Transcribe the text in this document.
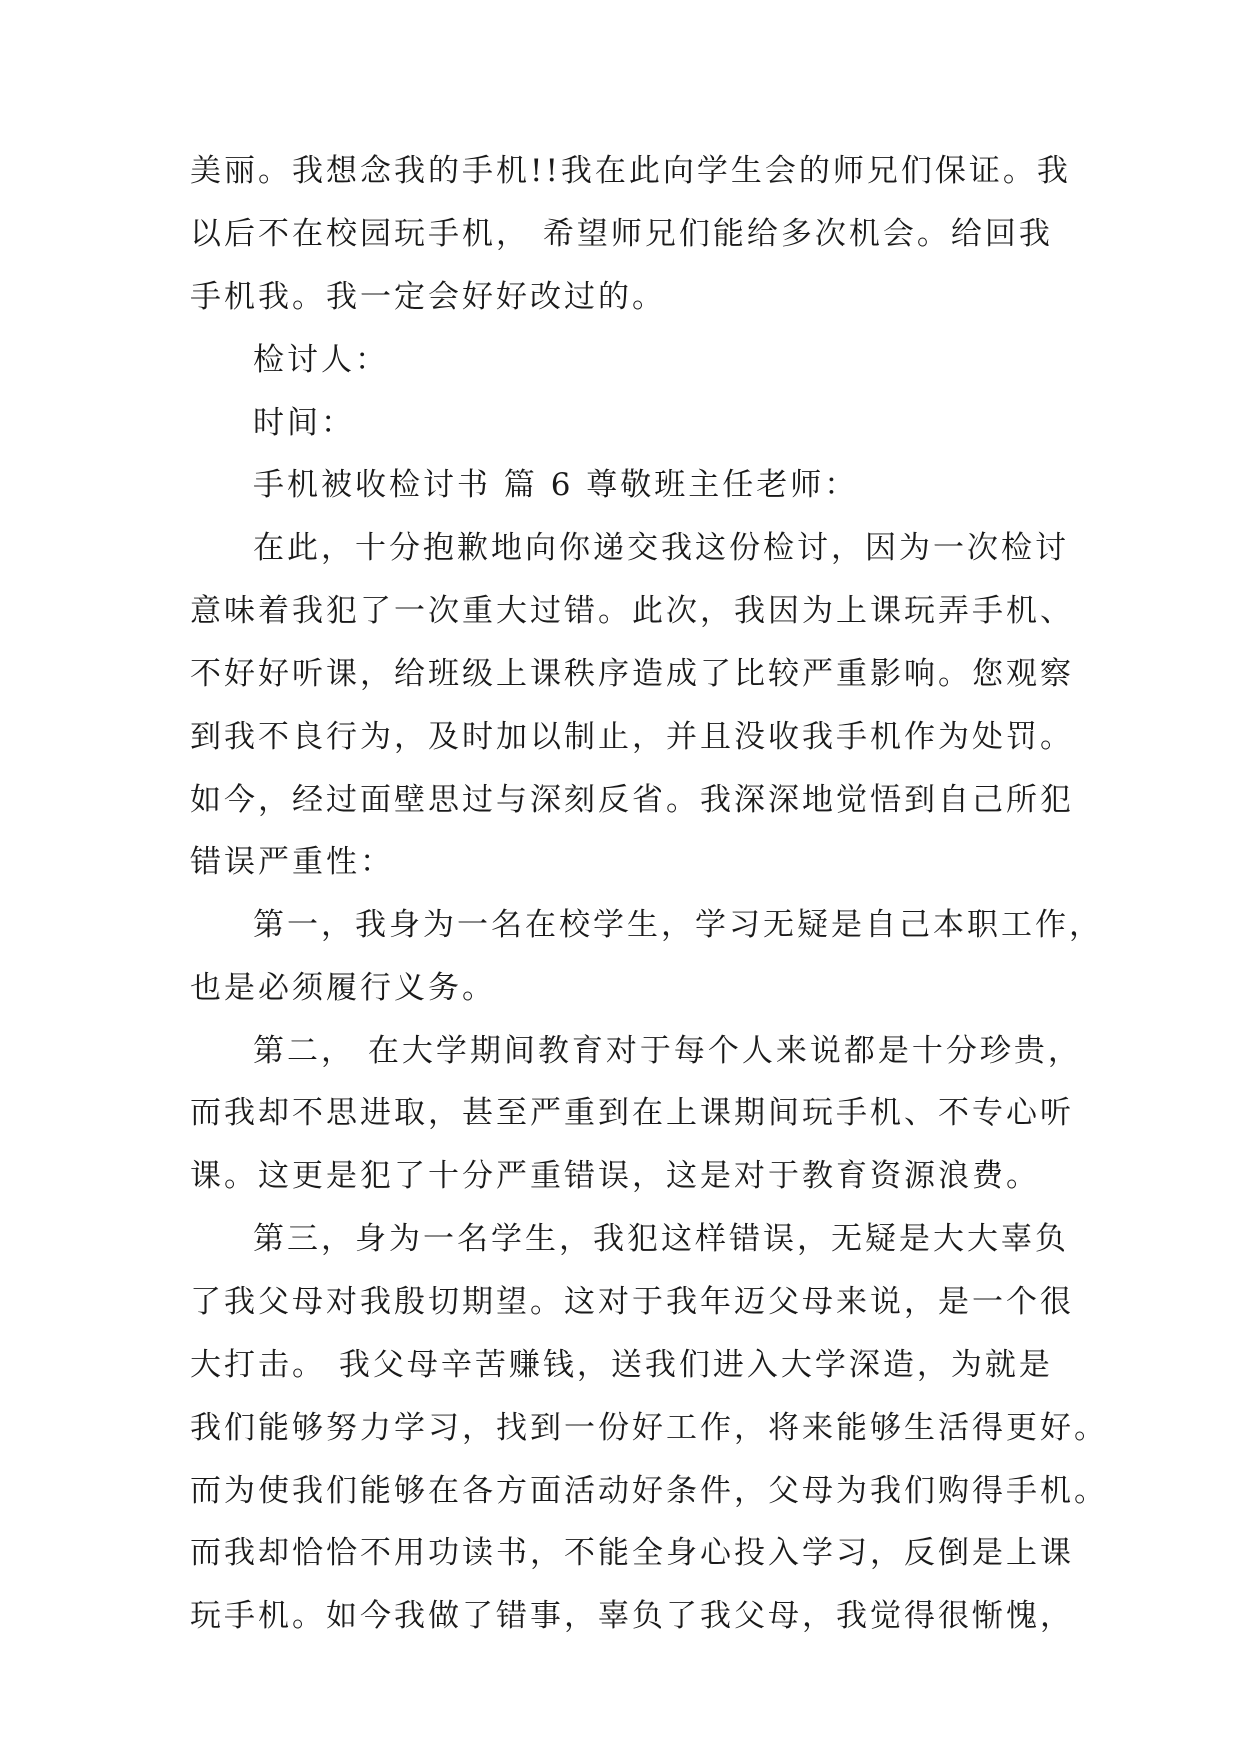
美丽。我想念我的手机!!我在此向学生会的师兄们保证。我
以后不在校园玩手机， 希望师兄们能给多次机会。给回我
手机我。我一定会好好改过的。
检讨人：
时间：
手机被收检讨书 篇 6 尊敬班主任老师：
在此，十分抱歉地向你递交我这份检讨，因为一次检讨
意味着我犯了一次重大过错。此次，我因为上课玩弄手机、
不好好听课，给班级上课秩序造成了比较严重影响。您观察
到我不良行为，及时加以制止，并且没收我手机作为处罚。
如今，经过面壁思过与深刻反省。我深深地觉悟到自己所犯
错误严重性：
第一，我身为一名在校学生，学习无疑是自己本职工作，
也是必须履行义务。
第二， 在大学期间教育对于每个人来说都是十分珍贵，
而我却不思进取，甚至严重到在上课期间玩手机、不专心听
课。这更是犯了十分严重错误，这是对于教育资源浪费。
第三，身为一名学生，我犯这样错误，无疑是大大辜负
了我父母对我殷切期望。这对于我年迈父母来说，是一个很
大打击。 我父母辛苦赚钱，送我们进入大学深造，为就是
我们能够努力学习，找到一份好工作，将来能够生活得更好。
而为使我们能够在各方面活动好条件，父母为我们购得手机。
而我却恰恰不用功读书，不能全身心投入学习，反倒是上课
玩手机。如今我做了错事，辜负了我父母，我觉得很惭愧，
